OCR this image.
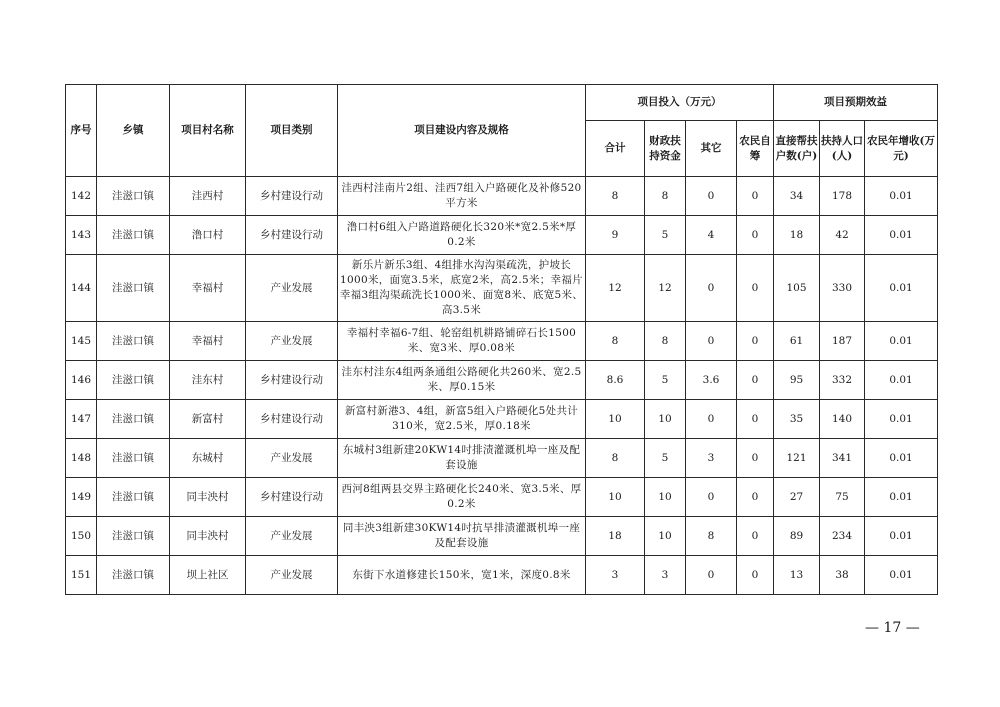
序号	乡镇	项目村名称	项目类别	项目建设内容及规格	项目投入（万元）				项目预期效益		
					合计	财政扶持资金	其它	农民自筹	直接帮扶户数(户)	扶持人口(人)	农民年增收(万元)
142	洼滋口镇	洼西村	乡村建设行动	洼西村洼南片2组、洼西7组入户路硬化及补修520平方米	8	8	0	0	34	178	0.01
143	洼滋口镇	澛口村	乡村建设行动	澛口村6组入户路道路硬化长320米*宽2.5米*厚0.2米	9	5	4	0	18	42	0.01
144	洼滋口镇	幸福村	产业发展	新乐片新乐3组、4组排水沟沟渠疏洗，护坡长1000米，面宽3.5米，底宽2米，高2.5米；幸福片幸福3组沟渠疏洗长1000米、面宽8米、底宽5米、高3.5米	12	12	0	0	105	330	0.01
145	洼滋口镇	幸福村	产业发展	幸福村幸福6-7组、轮窑组机耕路铺碎石长1500米、宽3米、厚0.08米	8	8	0	0	61	187	0.01
146	洼滋口镇	洼东村	乡村建设行动	洼东村洼东4组两条通组公路硬化共260米、宽2.5米、厚0.15米	8.6	5	3.6	0	95	332	0.01
147	洼滋口镇	新富村	乡村建设行动	新富村新港3、4组，新富5组入户路硬化5处共计310米，宽2.5米，厚0.18米	10	10	0	0	35	140	0.01
148	洼滋口镇	东城村	产业发展	东城村3组新建20KW14吋排渍灌溉机埠一座及配套设施	8	5	3	0	121	341	0.01
149	洼滋口镇	同丰泱村	乡村建设行动	西河8组两县交界主路硬化长240米、宽3.5米、厚0.2米	10	10	0	0	27	75	0.01
150	洼滋口镇	同丰泱村	产业发展	同丰泱3组新建30KW14吋抗旱排渍灌溉机埠一座及配套设施	18	10	8	0	89	234	0.01
151	洼滋口镇	坝上社区	产业发展	东街下水道修建长150米，宽1米，深度0.8米	3	3	0	0	13	38	0.01
— 17 —
